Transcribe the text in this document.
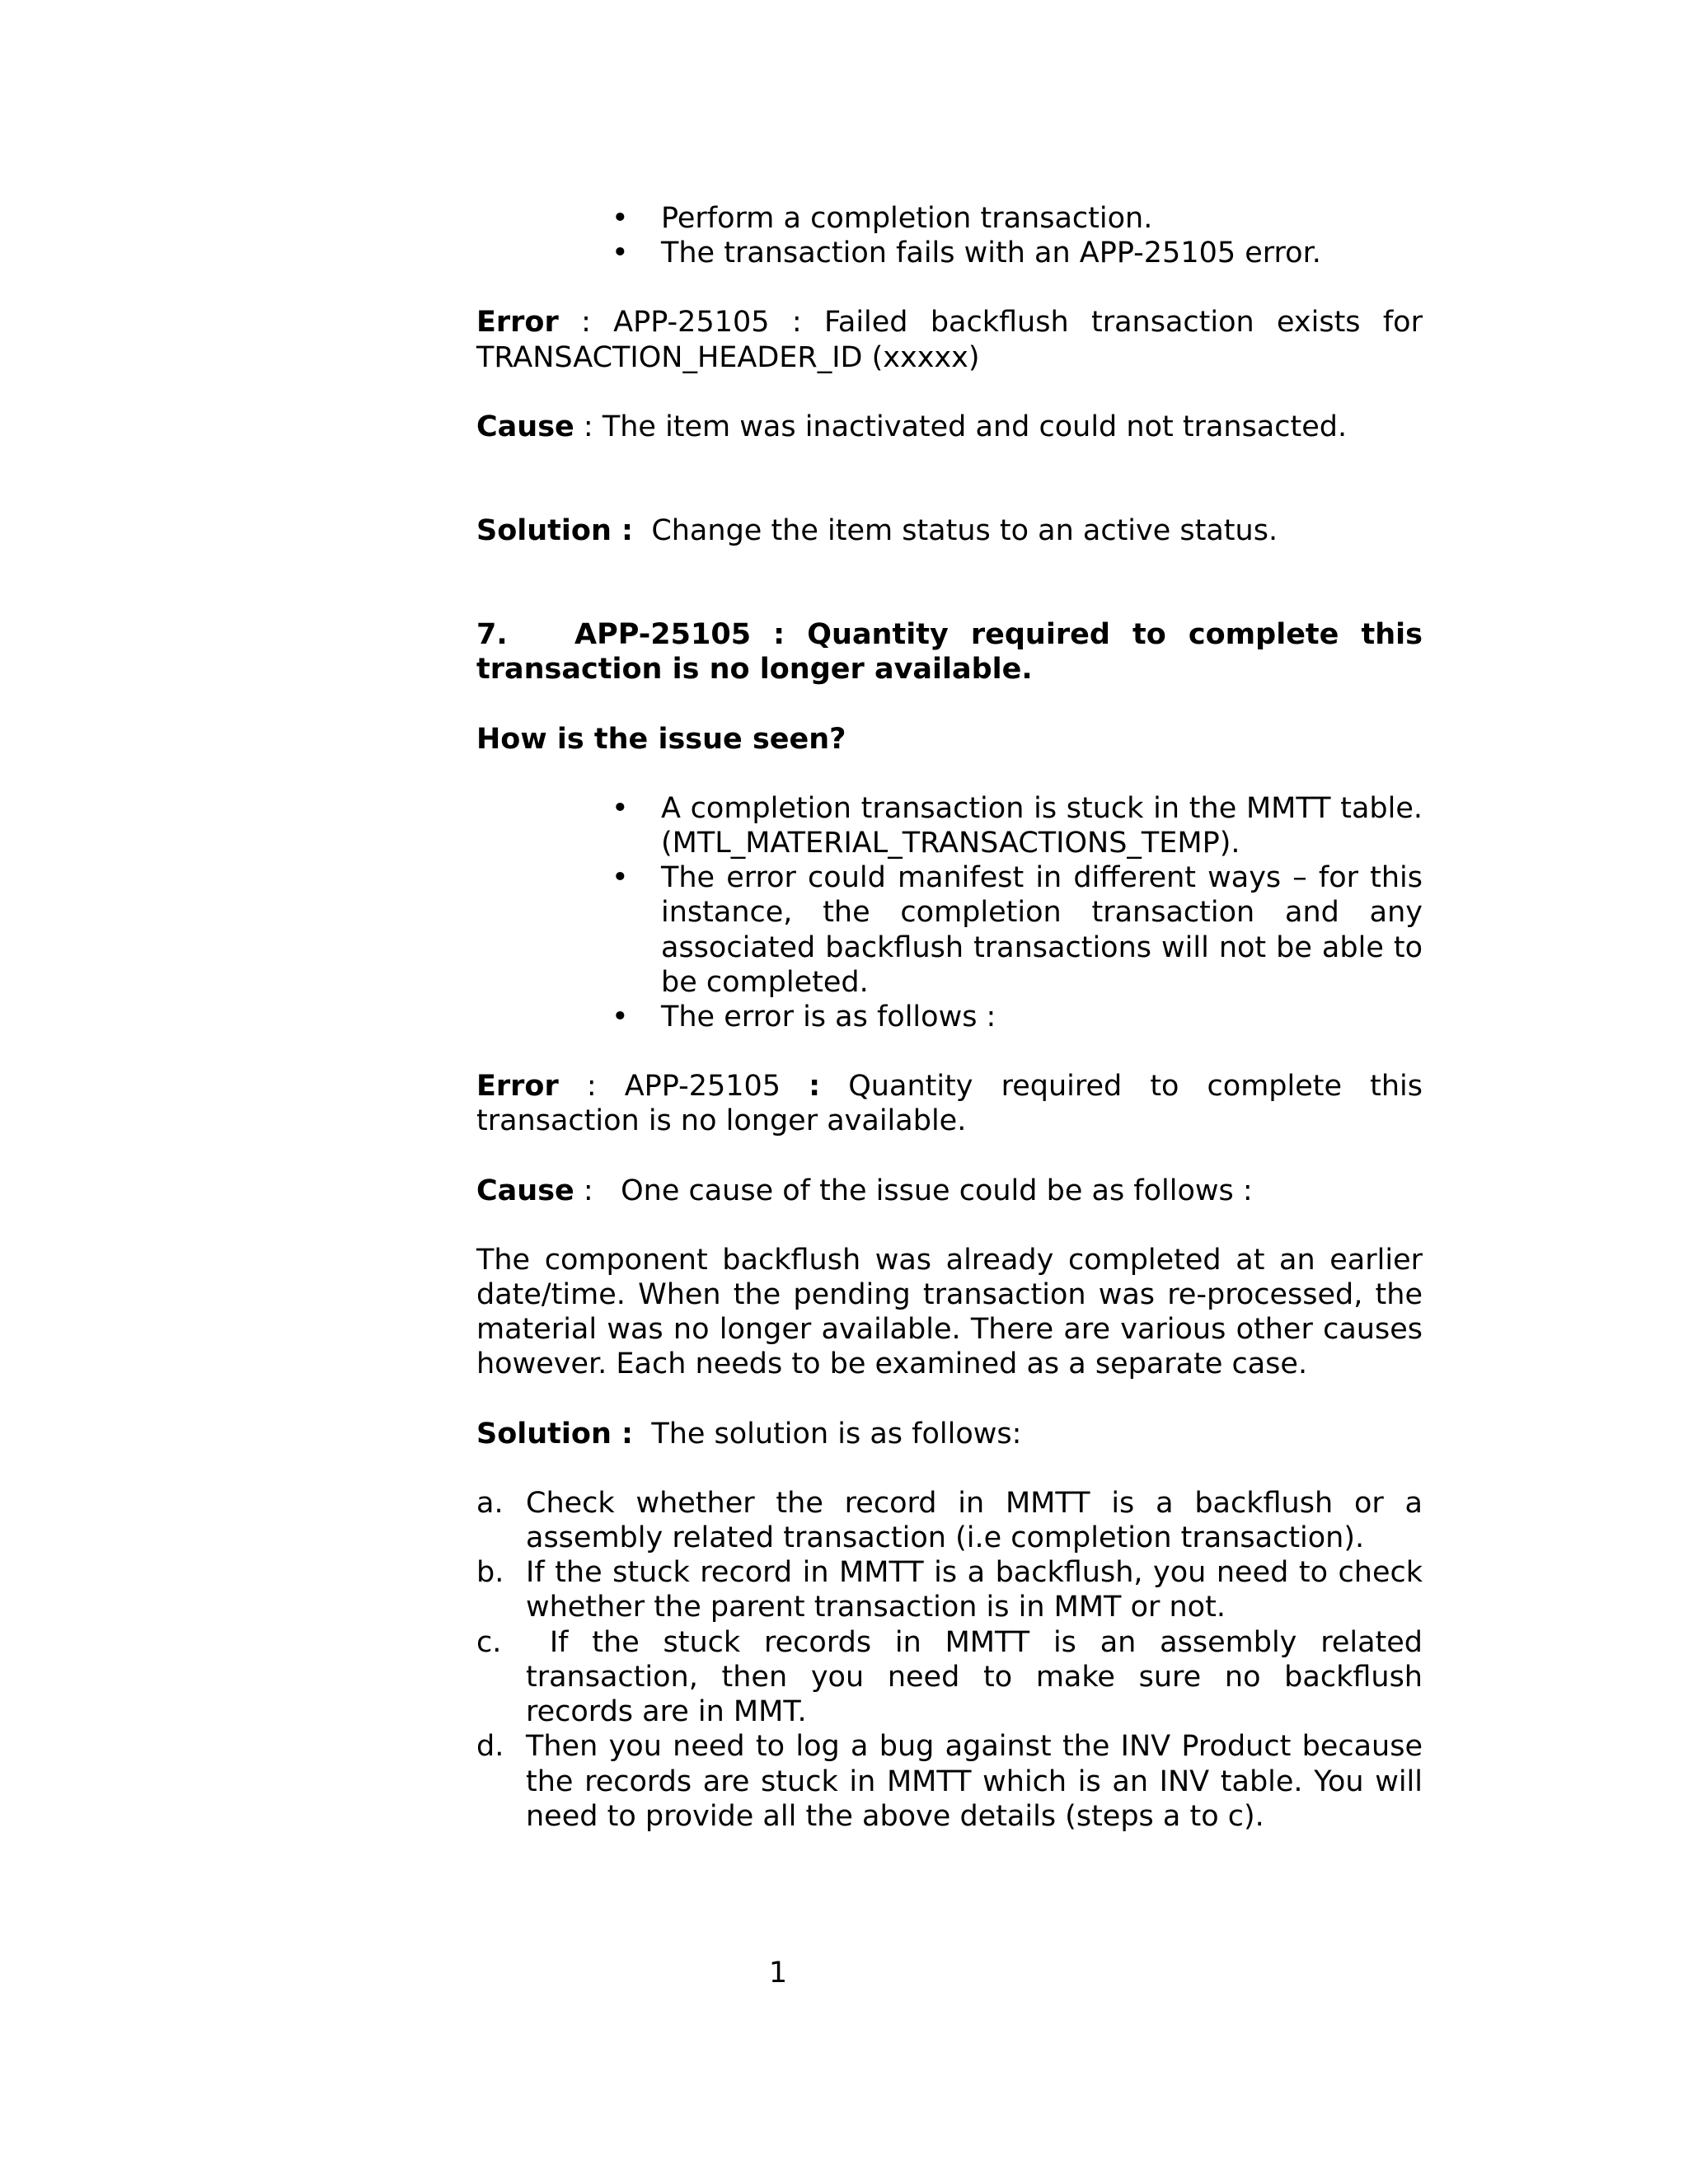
• Perform a completion transaction.
• The transaction fails with an APP-25105 error.

Error : APP-25105 : Failed backflush transaction exists for TRANSACTION_HEADER_ID (xxxxx)

Cause : The item was inactivated and could not transacted.

Solution : Change the item status to an active status.

7.   APP-25105 : Quantity required to complete this transaction is no longer available.

How is the issue seen?

• A completion transaction is stuck in the MMTT table. (MTL_MATERIAL_TRANSACTIONS_TEMP).
• The error could manifest in different ways – for this instance, the completion transaction and any associated backflush transactions will not be able to be completed.
• The error is as follows :

Error : APP-25105 : Quantity required to complete this transaction is no longer available.

Cause :   One cause of the issue could be as follows :

The component backflush was already completed at an earlier date/time. When the pending transaction was re-processed, the material was no longer available. There are various other causes however. Each needs to be examined as a separate case.

Solution : The solution is as follows:

a. Check whether the record in MMTT is a backflush or a assembly related transaction (i.e completion transaction).
b. If the stuck record in MMTT is a backflush, you need to check whether the parent transaction is in MMT or not.
c. If the stuck records in MMTT is an assembly related  transaction, then you need to make sure no backflush records are in MMT.
d. Then you need to log a bug against the INV Product because the records are stuck in MMTT which is an INV table. You will need to provide all the above details (steps a to c).
1
